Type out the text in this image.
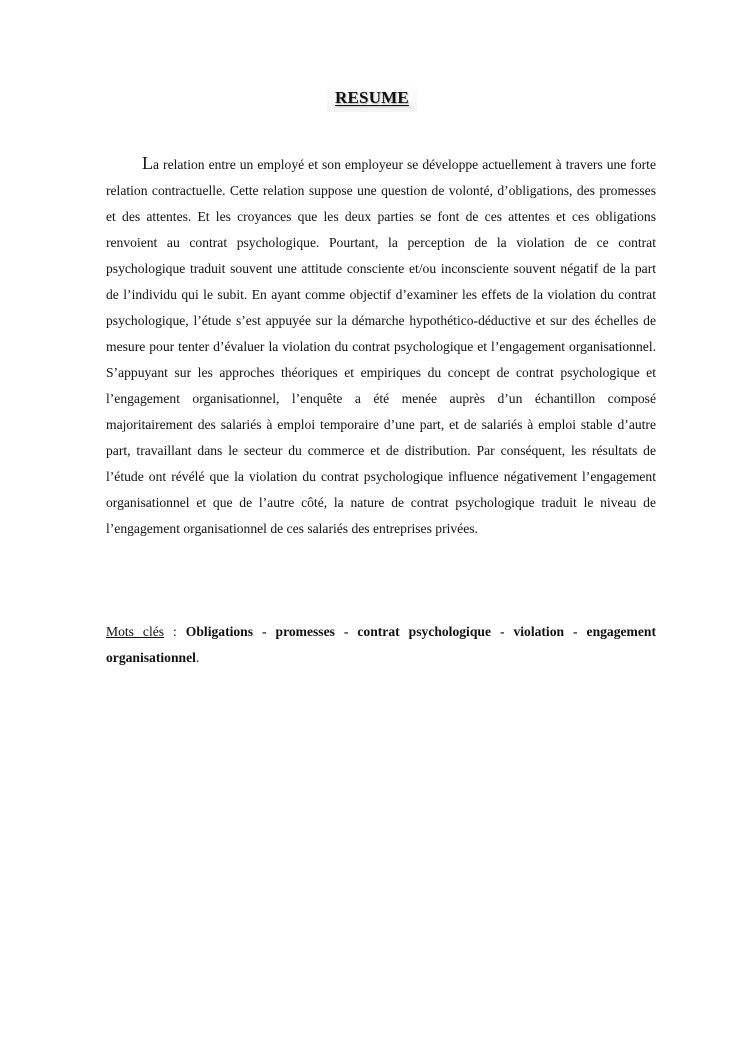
RESUME

La relation entre un employé et son employeur se développe actuellement à travers une forte relation contractuelle. Cette relation suppose une question de volonté, d’obligations, des promesses et des attentes. Et les croyances que les deux parties se font de ces attentes et ces obligations renvoient au contrat psychologique. Pourtant, la perception de la violation de ce contrat psychologique traduit souvent une attitude consciente et/ou inconsciente souvent négatif de la part de l’individu qui le subit. En ayant comme objectif d’examiner les effets de la violation du contrat psychologique, l’étude s’est appuyée sur la démarche hypothético-déductive et sur des échelles de mesure pour tenter d’évaluer la violation du contrat psychologique et l’engagement organisationnel. S’appuyant sur les approches théoriques et empiriques du concept de contrat psychologique et l’engagement organisationnel, l’enquête a été menée auprès d’un échantillon composé majoritairement des salariés à emploi temporaire d’une part, et de salariés à emploi stable d’autre part, travaillant dans le secteur du commerce et de distribution. Par conséquent, les résultats de l’étude ont révélé que la violation du contrat psychologique influence négativement l’engagement organisationnel et que de l’autre côté, la nature de contrat psychologique traduit le niveau de l’engagement organisationnel de ces salariés des entreprises privées.

Mots clés : Obligations - promesses - contrat psychologique - violation - engagement organisationnel.
